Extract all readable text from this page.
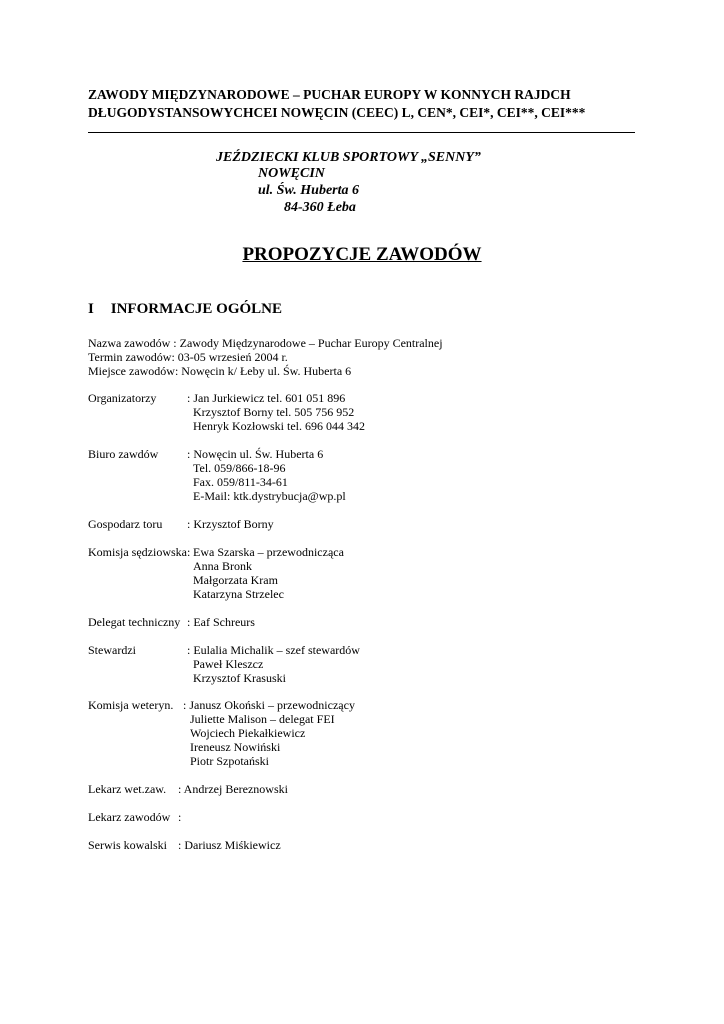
ZAWODY MIĘDZYNARODOWE – PUCHAR EUROPY W KONNYCH RAJDCH
DŁUGODYSTANSOWYCHCEI NOWĘCIN (CEEC) L, CEN*, CEI*, CEI**, CEI***
JEŹDZIECKI KLUB SPORTOWY „SENNY”
NOWĘCIN
ul. Św. Huberta 6
84-360 Łeba
PROPOZYCJE ZAWODÓW
I INFORMACJE OGÓLNE
Nazwa zawodów : Zawody Międzynarodowe – Puchar Europy Centralnej
Termin zawodów: 03-05 wrzesień 2004 r.
Miejsce zawodów: Nowęcin k/ Łeby ul. Św. Huberta 6
Organizatorzy	: Jan Jurkiewicz tel. 601 051 896
Krzysztof Borny tel. 505 756 952
Henryk Kozłowski tel. 696 044 342
Biuro zawdów : Nowęcin ul. Św. Huberta 6
Tel. 059/866-18-96
Fax. 059/811-34-61
E-Mail: ktk.dystrybucja@wp.pl
Gospodarz toru : Krzysztof Borny
Komisja sędziowska: Ewa Szarska – przewodnicząca
Anna Bronk
Małgorzata Kram
Katarzyna Strzelec
Delegat techniczny : Eaf Schreurs
Stewardzi	: Eulalia Michalik – szef stewardów
Paweł Kleszcz
Krzysztof Krasuski
Komisja weteryn. : Janusz Okoński – przewodniczący
Juliette Malison – delegat FEI
Wojciech Piekałkiewicz
Ireneusz Nowiński
Piotr Szpotański
Lekarz wet.zaw. : Andrzej Bereznowski
Lekarz zawodów :
Serwis kowalski : Dariusz Miśkiewicz
